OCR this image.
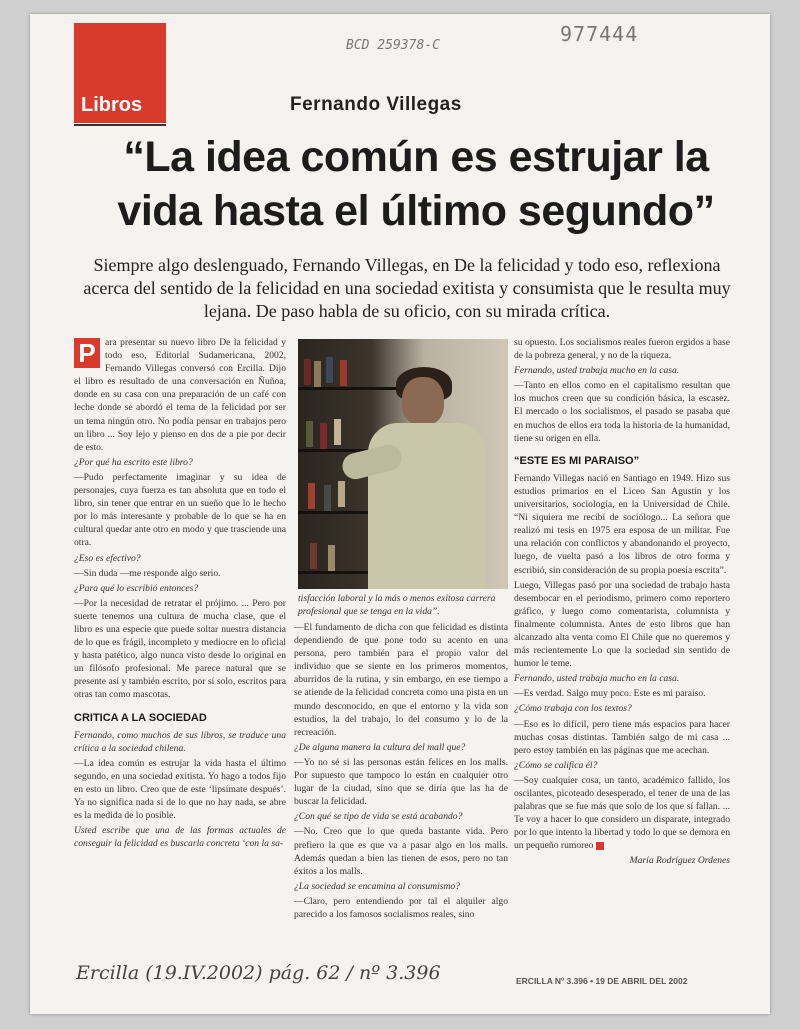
Libros
BCD 259378-C	977444
Fernando Villegas
“La idea común es estrujar la vida hasta el último segundo”
Siempre algo deslenguado, Fernando Villegas, en De la felicidad y todo eso, reflexiona acerca del sentido de la felicidad en una sociedad exitista y consumista que le resulta muy lejana. De paso habla de su oficio, con su mirada crítica.

P ara presentar su nuevo libro De la felicidad y todo eso, Editorial Sudamericana, 2002, Fernando Villegas conversó con Ercilla. Dijo el libro es resultado de una conversación en Ñuñoa, donde en su casa con una preparación de un café con leche donde se abordó el tema de la felicidad por ser un tema ningún otro. No podía pensar en trabajos pero un libro ... Soy lejo y pienso en dos de a pie por decir de esto.

¿Por qué ha escrito este libro?

—Pudo perfectamente imaginar y su idea de personajes, cuya fuerza es tan absoluta que en todo el libro, sin tener que entrar en un sueño que lo le hecho por lo más interesante y probable de lo que se ha en cultural quedar ante otro en modo y que trasciende una otra.

¿Eso es efectivo?

—Sin duda —me responde algo serio.

¿Para qué lo escribió entonces?

—Por la necesidad de retratar el prójimo. ... Pero por suerte tenemos una cultura de mucha clase, que el libro es una especie que puede soltar nuestra distancia de lo que es frágil, incompleto y mediocre en lo oficial y hasta patético, algo nunca visto desde lo original en un filósofo profesional. Me parece natural que se presente así y también escrito, por sí solo, escritos para otras tan como mascotas.

CRITICA A LA SOCIEDAD

Fernando, como muchos de sus libros, se traduce una crítica a la sociedad chilena.

—La idea común es estrujar la vida hasta el último segundo, en una sociedad exitista. Yo hago a todos fijo en esto un libro. Creo que de este ‘lipsímate después’. Ya no significa nada si de lo que no hay nada, se abre es la medida de lo posible.

Usted escribe que una de las formas actuales de conseguir la felicidad es buscarla concreta ‘con la sa-

tisfacción laboral y la más o menos exitosa carrera profesional que se tenga en la vida”.

—El fundamento de dicha con que felicidad es distinta dependiendo de que pone todo su acento en una persona, pero también para el propio valor del individuo que se siente en los primeros momentos, aburridos de la rutina, y sin embargo, en ese tiempo a se atiende de la felicidad concreta como una pista en un mundo desconocido, en que el entorno y la vida son estudios, la del trabajo, lo del consumo y lo de la recreación.

¿De alguna manera la cultura del mall que?

—Yo no sé si las personas están felices en los malls. Por supuesto que tampoco lo están en cualquier otro lugar de la ciudad, sino que se diría que las ha de buscar la felicidad.

¿Con qué se tipo de vida se está acabando?

—No. Creo que lo que queda bastante vida. Pero prefiero la que es que va a pasar algo en los malls. Además quedan a bien las tienen de esos, pero no tan éxitos a los malls.

¿La sociedad se encamina al consumismo?

—Claro, pero entendiendo por tal el alquiler algo parecido a los famosos socialismos reales, sino

su opuesto. Los socialismos reales fueron ergidos a base de la pobreza general, y no de la riqueza.

Fernando, usted trabaja mucho en la casa.

—Tanto en ellos como en el capitalismo resultan que los muchos creen que su condición básica, la escasez. El mercado o los socialismos, el pasado se pasaba que en muchos de ellos era toda la historia de la humanidad, tiene su origen en ella.

“ESTE ES MI PARAISO”

Fernando Villegas nació en Santiago en 1949. Hizo sus estudios primarios en el Liceo San Agustín y los universitarios, sociología, en la Universidad de Chile. “Ni siquiera me recibí de sociólogo... La señora que realizó mi tesis en 1975 era esposa de un militar. Fue una relación con conflictos y abandonando el proyecto, luego, de vuelta pasó a los libros de otro forma y escribió, sin consideración de su propia poesía escrita”.

Luego, Villegas pasó por una sociedad de trabajo hasta desembocar en el periodismo, primero como reportero gráfico, y luego como comentarista, columnista y finalmente columnista. Antes de esto libros que han alcanzado alta venta como El Chile que no queremos y más recientemente Lo que la sociedad sin sentido de humor le teme.

Fernando, usted trabaja mucho en la casa.

—Es verdad. Salgo muy poco. Este es mi paraíso.

¿Cómo trabaja con los textos?

—Eso es lo difícil, pero tiene más espacios para hacer muchas cosas distintas. También salgo de mi casa ... pero estoy también en las páginas que me acechan.

¿Cómo se califica él?

—Soy cualquier cosa, un tanto, académico fallido, los oscilantes, picoteado desesperado, el tener de una de las palabras que se fue más que solo de los que sí fallan. ... Te voy a hacer lo que considero un disparate, integrado por lo que intento la libertad y todo lo que se demora en un pequeño rumoreo

María Rodríguez Ordenes

Ercilla (19.IV.2002) pág. 62 / nº 3.396	ERCILLA Nº 3.396 • 19 DE ABRIL DEL 2002
